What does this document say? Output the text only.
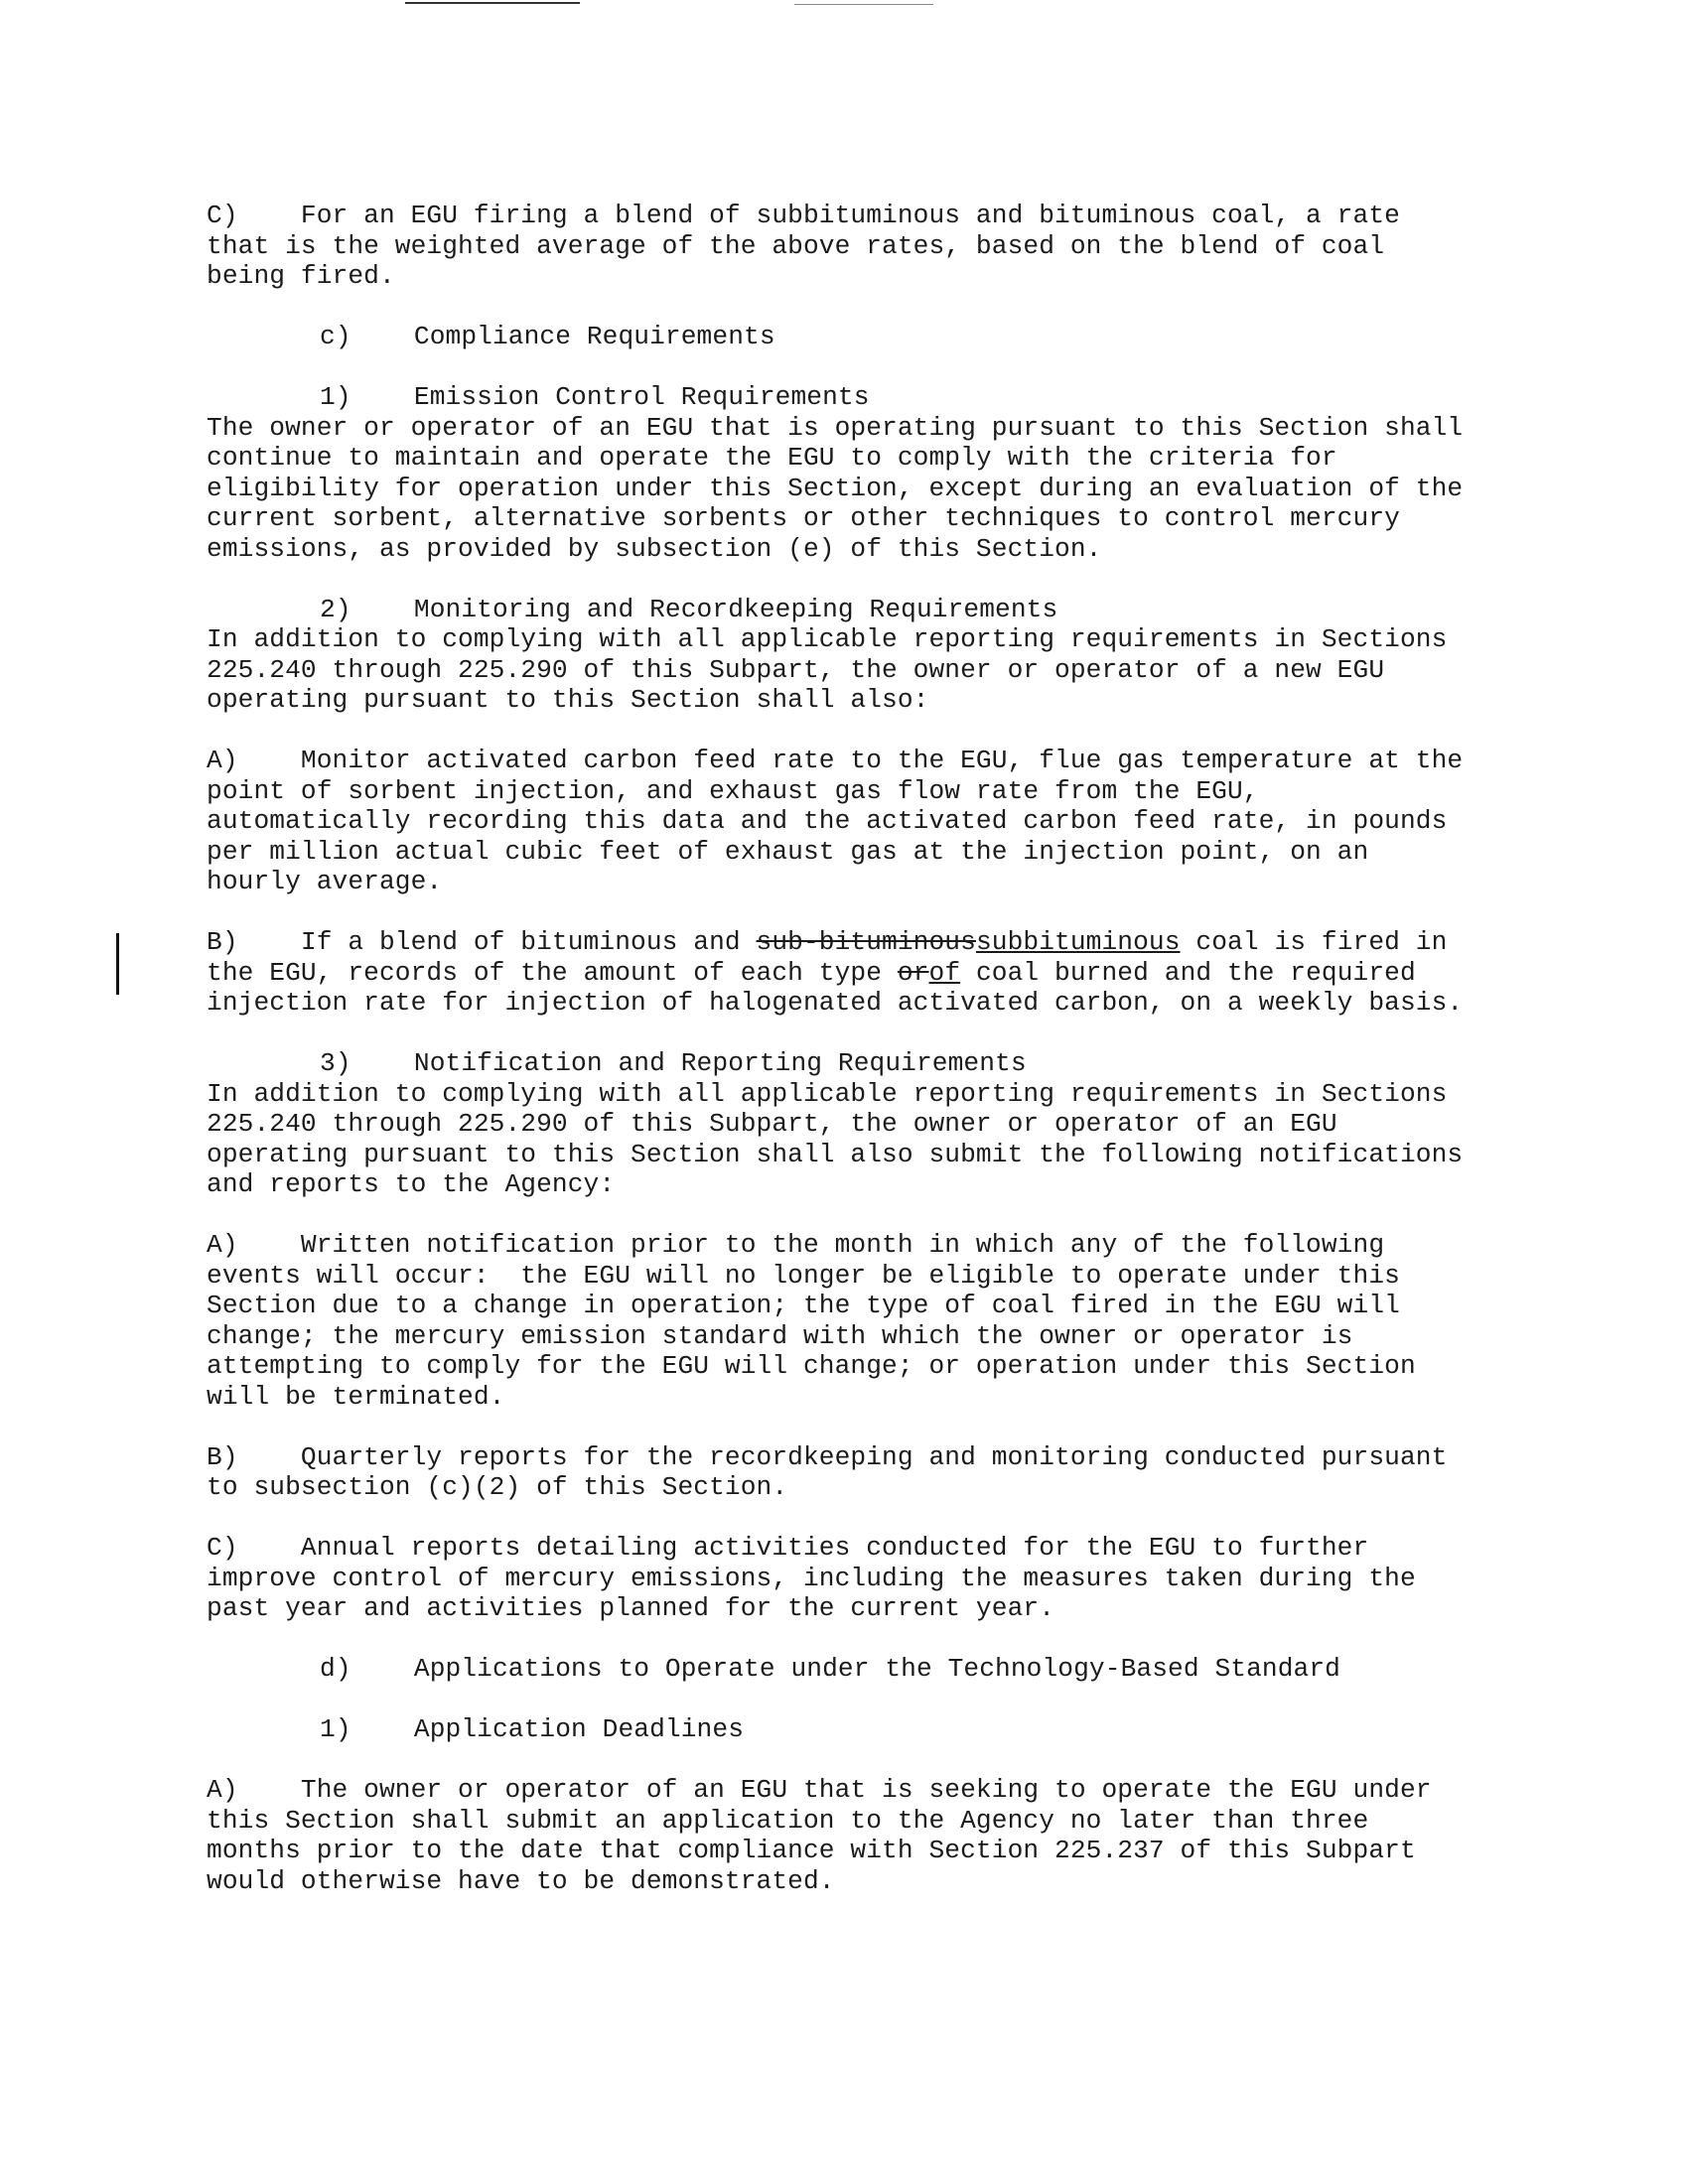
C)    For an EGU firing a blend of subbituminous and bituminous coal, a rate
that is the weighted average of the above rates, based on the blend of coal
being fired.
c)    Compliance Requirements
1)    Emission Control Requirements
The owner or operator of an EGU that is operating pursuant to this Section shall
continue to maintain and operate the EGU to comply with the criteria for
eligibility for operation under this Section, except during an evaluation of the
current sorbent, alternative sorbents or other techniques to control mercury
emissions, as provided by subsection (e) of this Section.
2)    Monitoring and Recordkeeping Requirements
In addition to complying with all applicable reporting requirements in Sections
225.240 through 225.290 of this Subpart, the owner or operator of a new EGU
operating pursuant to this Section shall also:
A)    Monitor activated carbon feed rate to the EGU, flue gas temperature at the
point of sorbent injection, and exhaust gas flow rate from the EGU,
automatically recording this data and the activated carbon feed rate, in pounds
per million actual cubic feet of exhaust gas at the injection point, on an
hourly average.
B)    If a blend of bituminous and sub-bituminoussubbituminous coal is fired in
the EGU, records of the amount of each type orof coal burned and the required
injection rate for injection of halogenated activated carbon, on a weekly basis.
3)    Notification and Reporting Requirements
In addition to complying with all applicable reporting requirements in Sections
225.240 through 225.290 of this Subpart, the owner or operator of an EGU
operating pursuant to this Section shall also submit the following notifications
and reports to the Agency:
A)    Written notification prior to the month in which any of the following
events will occur:  the EGU will no longer be eligible to operate under this
Section due to a change in operation; the type of coal fired in the EGU will
change; the mercury emission standard with which the owner or operator is
attempting to comply for the EGU will change; or operation under this Section
will be terminated.
B)    Quarterly reports for the recordkeeping and monitoring conducted pursuant
to subsection (c)(2) of this Section.
C)    Annual reports detailing activities conducted for the EGU to further
improve control of mercury emissions, including the measures taken during the
past year and activities planned for the current year.
d)    Applications to Operate under the Technology-Based Standard
1)    Application Deadlines
A)    The owner or operator of an EGU that is seeking to operate the EGU under
this Section shall submit an application to the Agency no later than three
months prior to the date that compliance with Section 225.237 of this Subpart
would otherwise have to be demonstrated.
